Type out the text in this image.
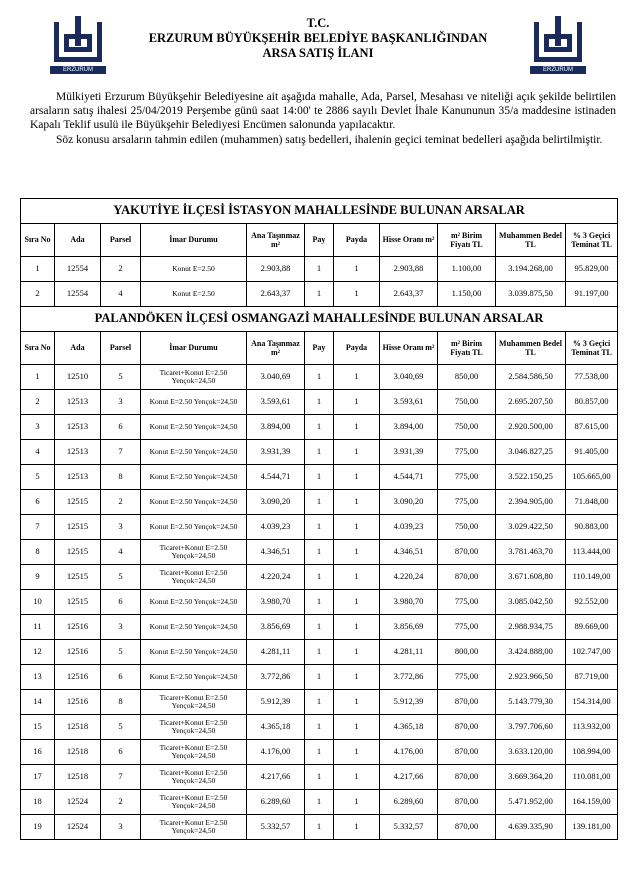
ERZURUM
T.C.
ERZURUM BÜYÜKŞEHİR BELEDİYE BAŞKANLIĞINDAN
ARSA SATIŞ İLANI
ERZURUM

Mülkiyeti Erzurum Büyükşehir Belediyesine ait aşağıda mahalle, Ada, Parsel, Mesahası ve niteliği açık şekilde belirtilen arsaların satış ihalesi 25/04/2019 Perşembe günü saat 14:00' te 2886 sayılı Devlet İhale Kanununun 35/a maddesine istinaden Kapalı Teklif usulü ile Büyükşehir Belediyesi Encümen salonunda yapılacaktır.

Söz konusu arsaların tahmin edilen (muhammen) satış bedelleri, ihalenin geçici teminat bedelleri aşağıda belirtilmiştir.

YAKUTİYE İLÇESİ İSTASYON MAHALLESİNDE BULUNAN ARSALAR										
Sıra No	Ada	Parsel	İmar Durumu	Ana Taşınmaz m²	Pay	Payda	Hisse Oranı m²	m² Birim Fiyatı TL	Muhammen Bedel TL	% 3 Geçici Teminat TL
1	12554	2	Konut E=2.50	2.903,88	1	1	2.903,88	1.100,00	3.194.268,00	95.829,00
2	12554	4	Konut E=2.50	2.643,37	1	1	2.643,37	1.150,00	3.039.875,50	91.197,00
PALANDÖKEN İLÇESİ OSMANGAZİ MAHALLESİNDE BULUNAN ARSALAR										
Sıra No	Ada	Parsel	İmar Durumu	Ana Taşınmaz m²	Pay	Payda	Hisse Oranı m²	m² Birim Fiyatı TL	Muhammen Bedel TL	% 3 Geçici Teminat TL
1	12510	5	Ticaret+Konut E=2.50 Yençok=24,50	3.040,69	1	1	3.040,69	850,00	2.584.586,50	77.538,00
2	12513	3	Konut E=2.50 Yençok=24,50	3.593,61	1	1	3.593,61	750,00	2.695.207,50	80.857,00
3	12513	6	Konut E=2.50 Yençok=24,50	3.894,00	1	1	3.894,00	750,00	2.920.500,00	87.615,00
4	12513	7	Konut E=2.50 Yençok=24,50	3.931,39	1	1	3.931,39	775,00	3.046.827,25	91.405,00
5	12513	8	Konut E=2.50 Yençok=24,50	4.544,71	1	1	4.544,71	775,00	3.522.150,25	105.665,00
6	12515	2	Konut E=2.50 Yençok=24,50	3.090,20	1	1	3.090,20	775,00	2.394.905,00	71.848,00
7	12515	3	Konut E=2.50 Yençok=24,50	4.039,23	1	1	4.039,23	750,00	3.029.422,50	90.883,00
8	12515	4	Ticaret+Konut E=2.50 Yençok=24,50	4.346,51	1	1	4.346,51	870,00	3.781.463,70	113.444,00
9	12515	5	Ticaret+Konut E=2.50 Yençok=24,50	4.220,24	1	1	4.220,24	870,00	3.671.608,80	110.149,00
10	12515	6	Konut E=2.50 Yençok=24,50	3.980,70	1	1	3.980,70	775,00	3.085.042,50	92.552,00
11	12516	3	Konut E=2.50 Yençok=24,50	3.856,69	1	1	3.856,69	775,00	2.988.934,75	89.669,00
12	12516	5	Konut E=2.50 Yençok=24,50	4.281,11	1	1	4.281,11	800,00	3.424.888,00	102.747,00
13	12516	6	Konut E=2.50 Yençok=24,50	3.772,86	1	1	3.772,86	775,00	2.923.966,50	87.719,00
14	12516	8	Ticaret+Konut E=2.50 Yençok=24,50	5.912,39	1	1	5.912,39	870,00	5.143.779,30	154.314,00
15	12518	5	Ticaret+Konut E=2.50 Yençok=24,50	4.365,18	1	1	4.365,18	870,00	3.797.706,60	113.932,00
16	12518	6	Ticaret+Konut E=2.50 Yençok=24,50	4.176,00	1	1	4.176,00	870,00	3.633.120,00	108.994,00
17	12518	7	Ticaret+Konut E=2.50 Yençok=24,50	4.217,66	1	1	4.217,66	870,00	3.669.364,20	110.081,00
18	12524	2	Ticaret+Konut E=2.50 Yençok=24,50	6.289,60	1	1	6.289,60	870,00	5.471.952,00	164.159,00
19	12524	3	Ticaret+Konut E=2.50 Yençok=24,50	5.332,57	1	1	5.332,57	870,00	4.639.335,90	139.181,00
